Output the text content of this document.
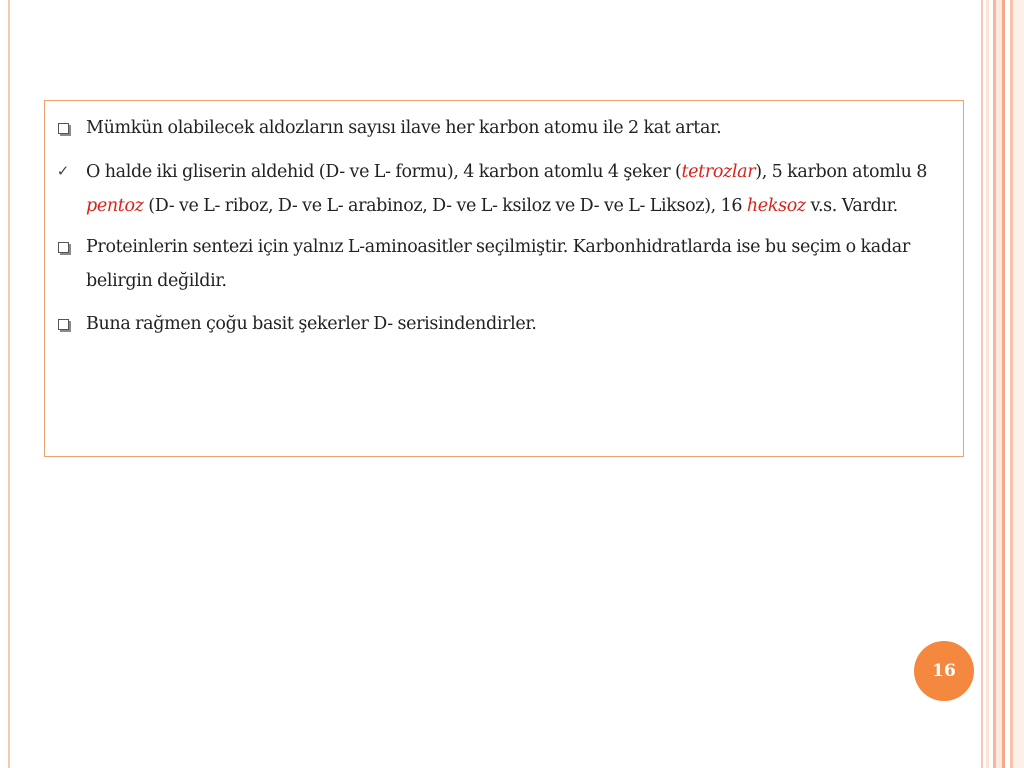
Mümkün olabilecek aldozların sayısı ilave her karbon atomu ile 2 kat artar.
✓ O halde iki gliserin aldehid (D- ve L- formu), 4 karbon atomlu 4 şeker (tetrozlar), 5 karbon atomlu 8 pentoz (D- ve L- riboz, D- ve L- arabinoz, D- ve L- ksiloz ve D- ve L- Liksoz), 16 heksoz v.s. Vardır.
Proteinlerin sentezi için yalnız L-aminoasitler seçilmiştir. Karbonhidratlarda ise bu seçim o kadar belirgin değildir.
Buna rağmen çoğu basit şekerler D- serisindendirler.
16
